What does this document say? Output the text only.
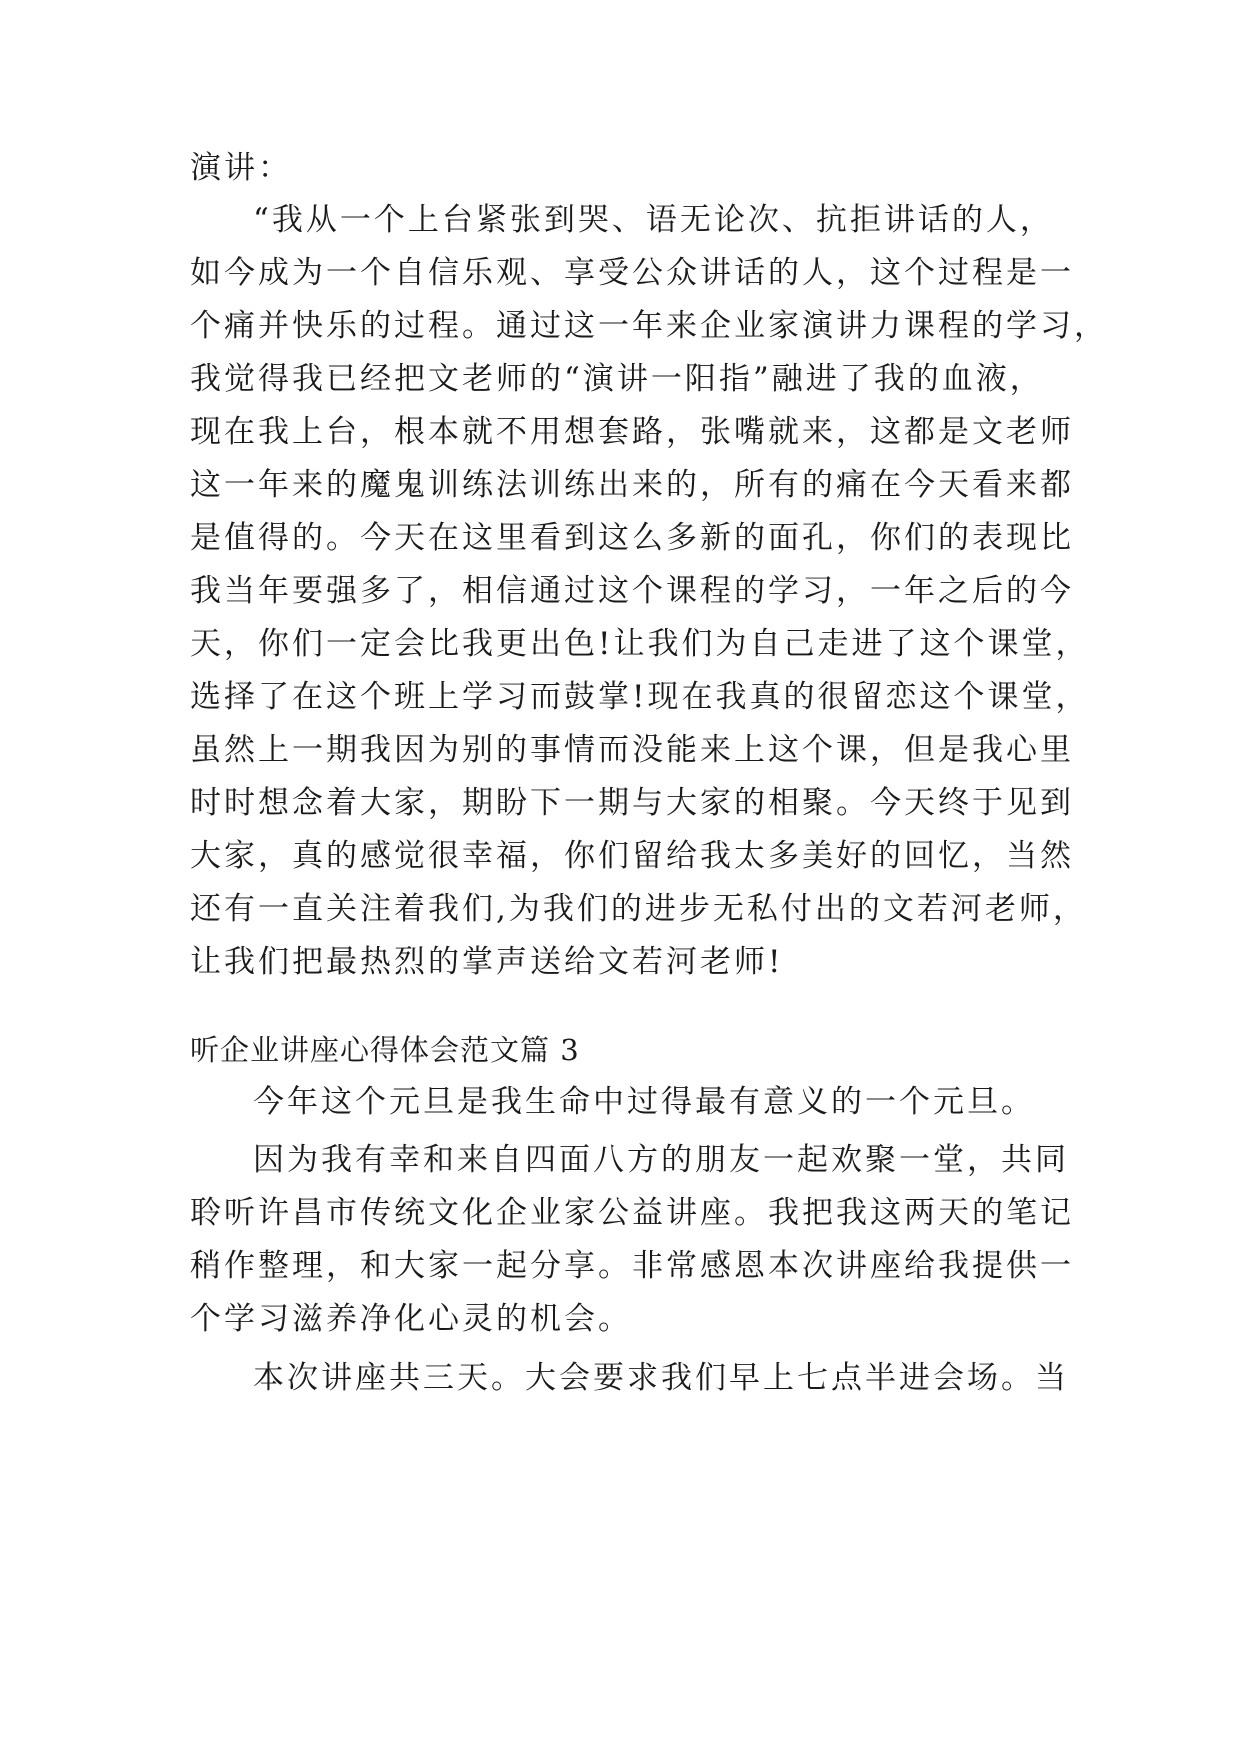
演讲：
“我从一个上台紧张到哭、语无论次、抗拒讲话的人，
如今成为一个自信乐观、享受公众讲话的人，这个过程是一
个痛并快乐的过程。通过这一年来企业家演讲力课程的学习，
我觉得我已经把文老师的“演讲一阳指”融进了我的血液，
现在我上台，根本就不用想套路，张嘴就来，这都是文老师
这一年来的魔鬼训练法训练出来的，所有的痛在今天看来都
是值得的。今天在这里看到这么多新的面孔，你们的表现比
我当年要强多了，相信通过这个课程的学习，一年之后的今
天，你们一定会比我更出色!让我们为自己走进了这个课堂，
选择了在这个班上学习而鼓掌!现在我真的很留恋这个课堂，
虽然上一期我因为别的事情而没能来上这个课，但是我心里
时时想念着大家，期盼下一期与大家的相聚。今天终于见到
大家，真的感觉很幸福，你们留给我太多美好的回忆，当然
还有一直关注着我们,为我们的进步无私付出的文若河老师，
让我们把最热烈的掌声送给文若河老师!
听企业讲座心得体会范文篇 3
今年这个元旦是我生命中过得最有意义的一个元旦。
因为我有幸和来自四面八方的朋友一起欢聚一堂，共同
聆听许昌市传统文化企业家公益讲座。我把我这两天的笔记
稍作整理，和大家一起分享。非常感恩本次讲座给我提供一
个学习滋养净化心灵的机会。
本次讲座共三天。大会要求我们早上七点半进会场。当
